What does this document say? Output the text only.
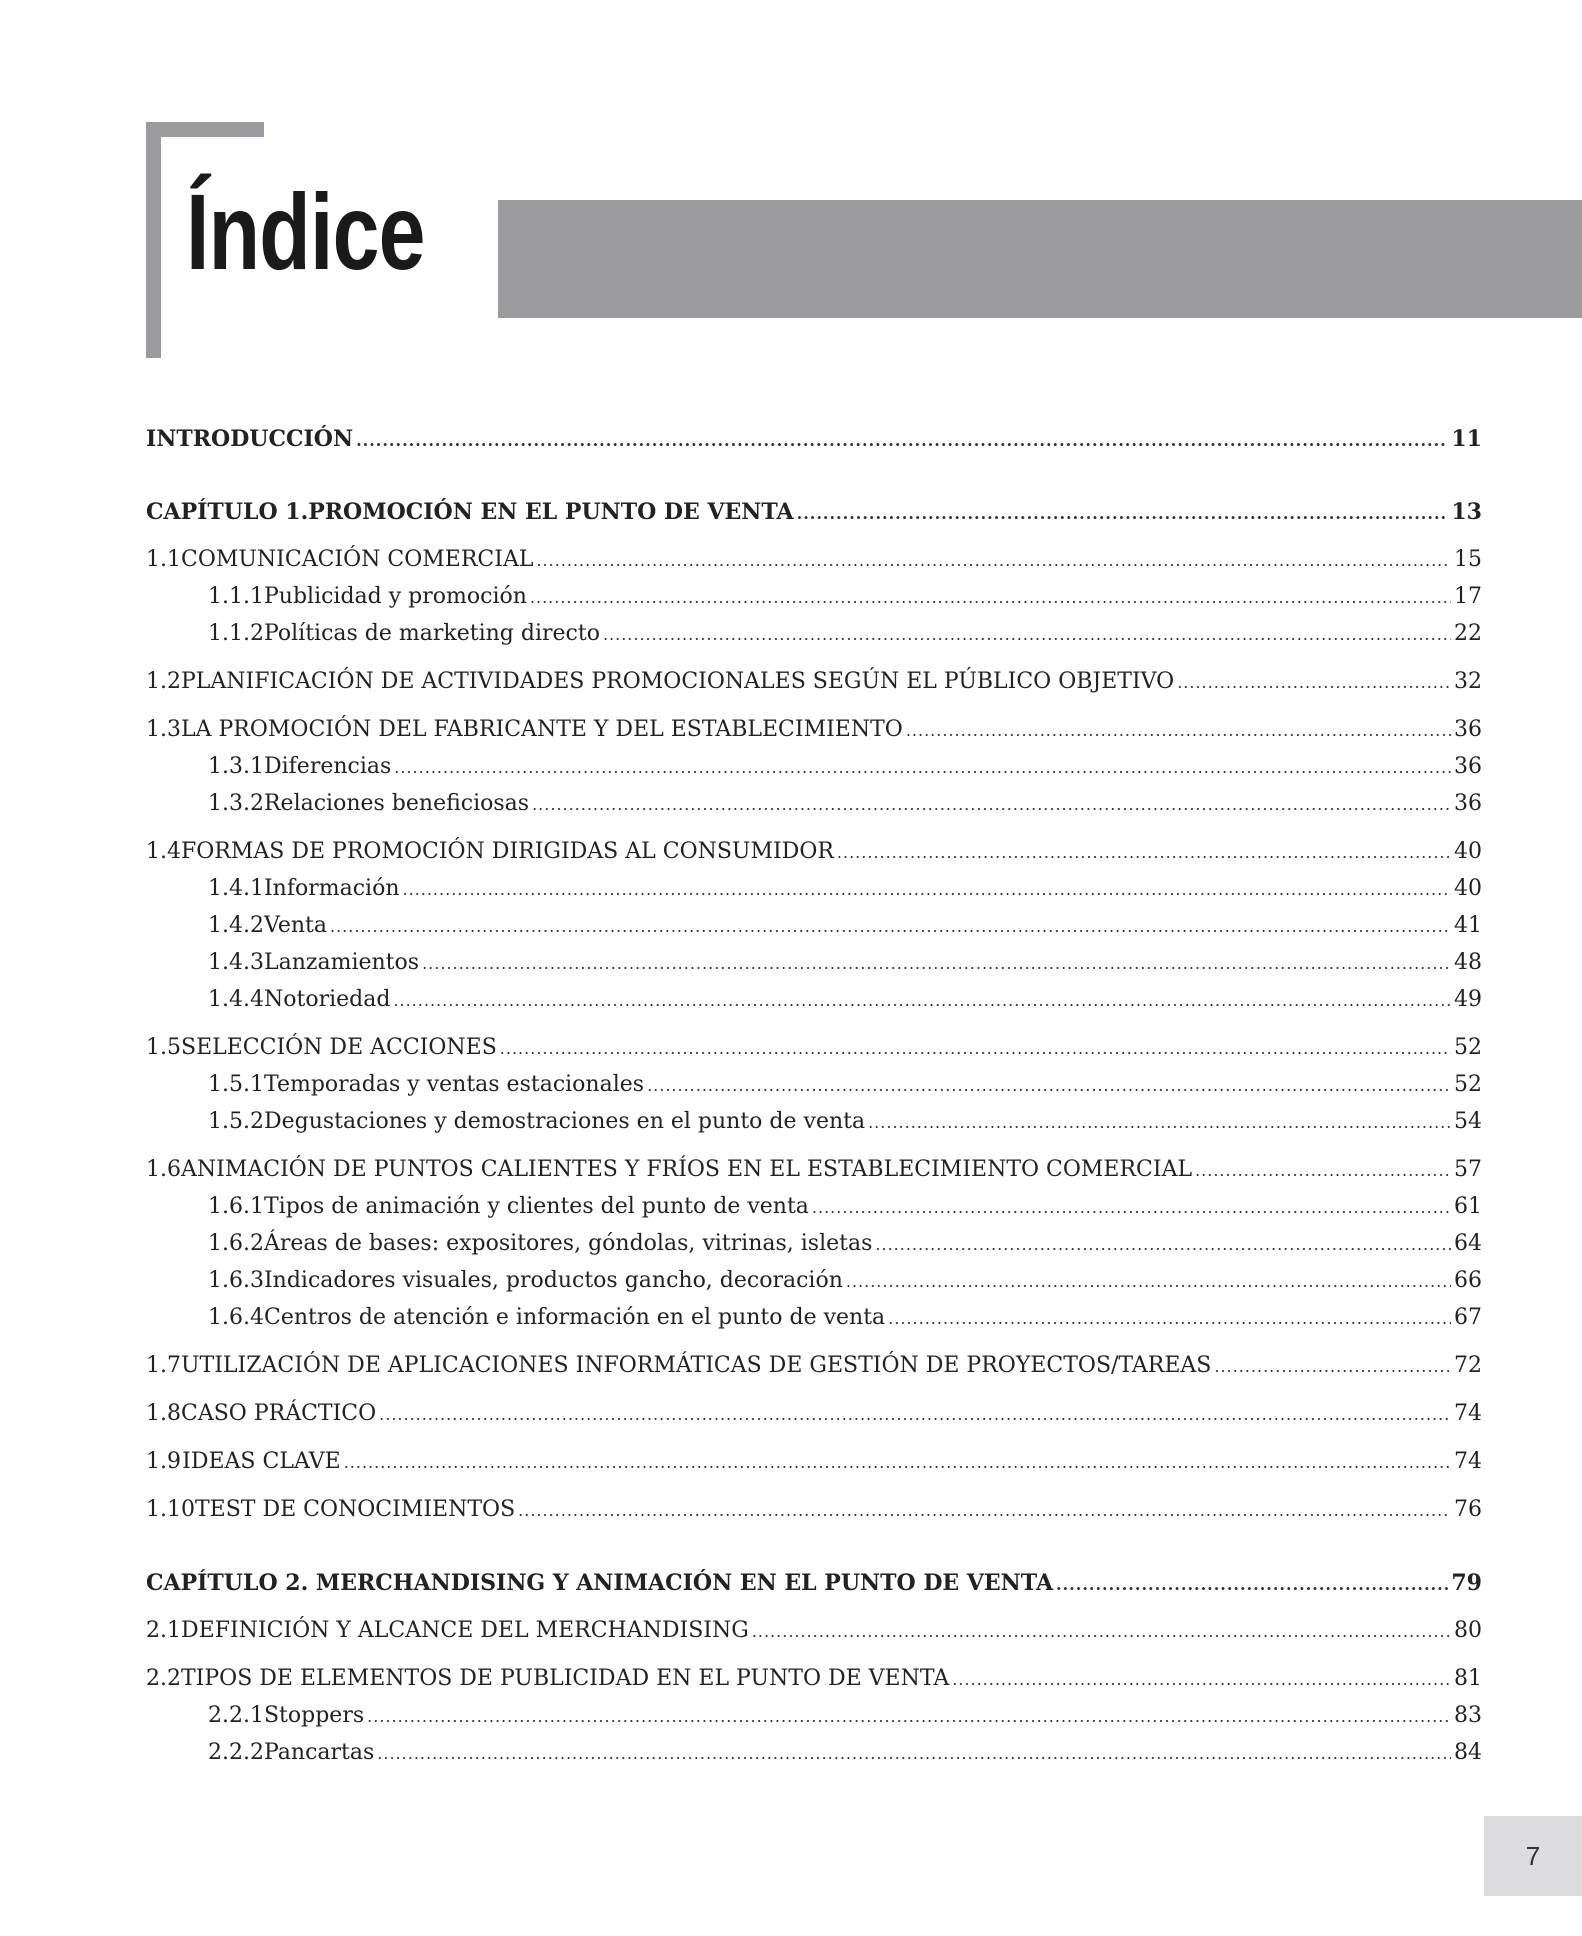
Índice
INTRODUCCIÓN .....	11
CAPÍTULO 1.PROMOCIÓN EN EL PUNTO DE VENTA .....	13
1.1 COMUNICACIÓN COMERCIAL .....	15
1.1.1 Publicidad y promoción .....	17
1.1.2 Políticas de marketing directo .....	22
1.2 PLANIFICACIÓN DE ACTIVIDADES PROMOCIONALES SEGÚN EL PÚBLICO OBJETIVO .....	32
1.3 LA PROMOCIÓN DEL FABRICANTE Y DEL ESTABLECIMIENTO .....	36
1.3.1 Diferencias .....	36
1.3.2 Relaciones beneficiosas .....	36
1.4 FORMAS DE PROMOCIÓN DIRIGIDAS AL CONSUMIDOR .....	40
1.4.1 Información .....	40
1.4.2 Venta .....	41
1.4.3 Lanzamientos .....	48
1.4.4 Notoriedad .....	49
1.5 SELECCIÓN DE ACCIONES .....	52
1.5.1 Temporadas y ventas estacionales .....	52
1.5.2 Degustaciones y demostraciones en el punto de venta .....	54
1.6 ANIMACIÓN DE PUNTOS CALIENTES Y FRÍOS EN EL ESTABLECIMIENTO COMERCIAL .....	57
1.6.1 Tipos de animación y clientes del punto de venta .....	61
1.6.2 Áreas de bases: expositores, góndolas, vitrinas, isletas .....	64
1.6.3 Indicadores visuales, productos gancho, decoración .....	66
1.6.4 Centros de atención e información en el punto de venta .....	67
1.7 UTILIZACIÓN DE APLICACIONES INFORMÁTICAS DE GESTIÓN DE PROYECTOS/TAREAS .....	72
1.8 CASO PRÁCTICO .....	74
1.9 IDEAS CLAVE .....	74
1.10 TEST DE CONOCIMIENTOS .....	76
CAPÍTULO 2. MERCHANDISING Y ANIMACIÓN EN EL PUNTO DE VENTA .....	79
2.1 DEFINICIÓN Y ALCANCE DEL MERCHANDISING .....	80
2.2 TIPOS DE ELEMENTOS DE PUBLICIDAD EN EL PUNTO DE VENTA .....	81
2.2.1 Stoppers .....	83
2.2.2 Pancartas .....	84
7
